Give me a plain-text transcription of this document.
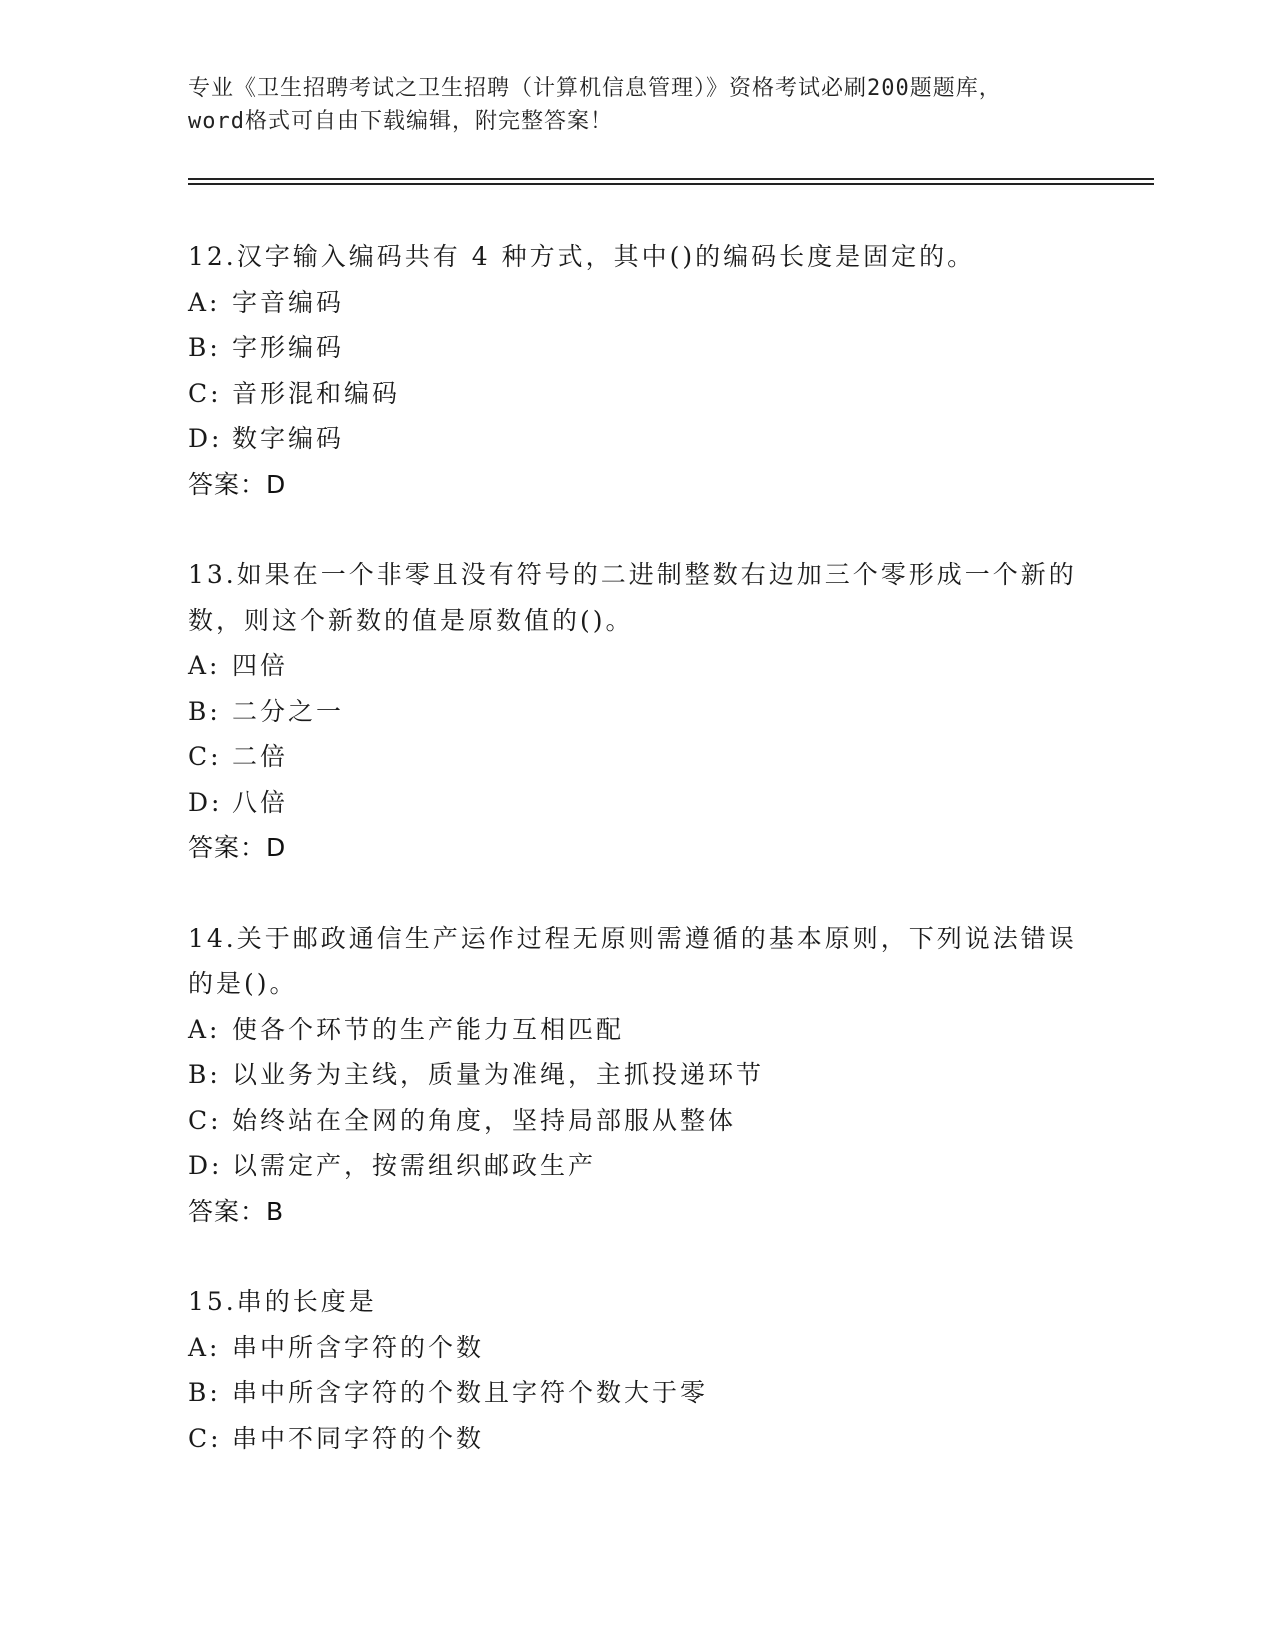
专业《卫生招聘考试之卫生招聘（计算机信息管理）》资格考试必刷200题题库，
word格式可自由下载编辑，附完整答案！
12.汉字输入编码共有 4 种方式，其中()的编码长度是固定的。
A: 字音编码
B: 字形编码
C: 音形混和编码
D: 数字编码
答案：D
13.如果在一个非零且没有符号的二进制整数右边加三个零形成一个新的数，则这个新数的值是原数值的()。
A: 四倍
B: 二分之一
C: 二倍
D: 八倍
答案：D
14.关于邮政通信生产运作过程无原则需遵循的基本原则，下列说法错误的是()。
A: 使各个环节的生产能力互相匹配
B: 以业务为主线，质量为准绳，主抓投递环节
C: 始终站在全网的角度，坚持局部服从整体
D: 以需定产，按需组织邮政生产
答案：B
15.串的长度是
A: 串中所含字符的个数
B: 串中所含字符的个数且字符个数大于零
C: 串中不同字符的个数
